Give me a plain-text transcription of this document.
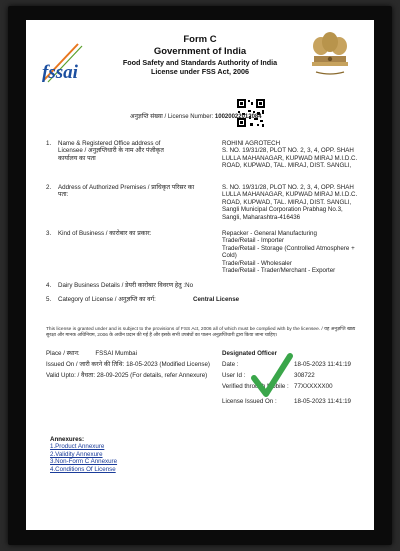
fssai
Form C
Government of India
Food Safety and Standards Authority of India
License under FSS Act, 2006
अनुज्ञप्ति संख्या / License Number: 10020022012084
1. Name & Registered Office address of Licensee / अनुज्ञप्तिधारी के नाम और पंजीकृत कार्यालय का पता
ROHINI AGROTECH
S. NO. 19/31/28, PLOT NO. 2, 3, 4, OPP. SHAH
LULLA MAHANAGAR, KUPWAD MIRAJ M.I.D.C. ROAD, KUPWAD, TAL. MIRAJ, DIST. SANGLI,
2. Address of Authorized Premises / प्राधिकृत परिसर का पता:
S. NO. 19/31/28, PLOT NO. 2, 3, 4, OPP. SHAH
LULLA MAHANAGAR, KUPWAD MIRAJ M.I.D.C. ROAD, KUPWAD, TAL. MIRAJ, DIST. SANGLI,
Sangli Municipal Corporation Prabhag No.3, Sangli, Maharashtra-416436
3. Kind of Business / कारोबार का प्रकार:	Repacker - General Manufacturing
Trade/Retail - Importer
Trade/Retail - Storage (Controlled Atmosphere + Cold)
Trade/Retail - Wholesaler
Trade/Retail - Trader/Merchant - Exporter
4. Dairy Business Details / डेयरी कारोबार विवरण हेतु :No
5. Category of License / अनुज्ञप्ति का वर्ग:	Central License
This license is granted under and is subject to the provisions of FSS Act, 2006 all of which must be complied with by the licensee. / यह अनुज्ञप्ति खाद्य सुरक्षा और मानक अधिनियम, 2006 के अधीन प्रदान की गई है और इसके सभी उपबंधों का पालन अनुज्ञप्तिधारी द्वारा किया जाना चाहिए।
Place / स्थान:	FSSAI Mumbai
Issued On / जारी करने की तिथि: 18-05-2023 (Modified License)
Valid Upto: / वैधता: 28-09-2025 (For details, refer Annexure)
Designated Officer
Date :	18-05-2023 11:41:19
User Id :	308722
Verified through Mobile : 77XXXXXX00
License Issued On :	18-05-2023 11:41:19
Annexures:
1.Product Annexure
2.Validity Annexure
3.Non-Form C Annexure
4.Conditions Of License
